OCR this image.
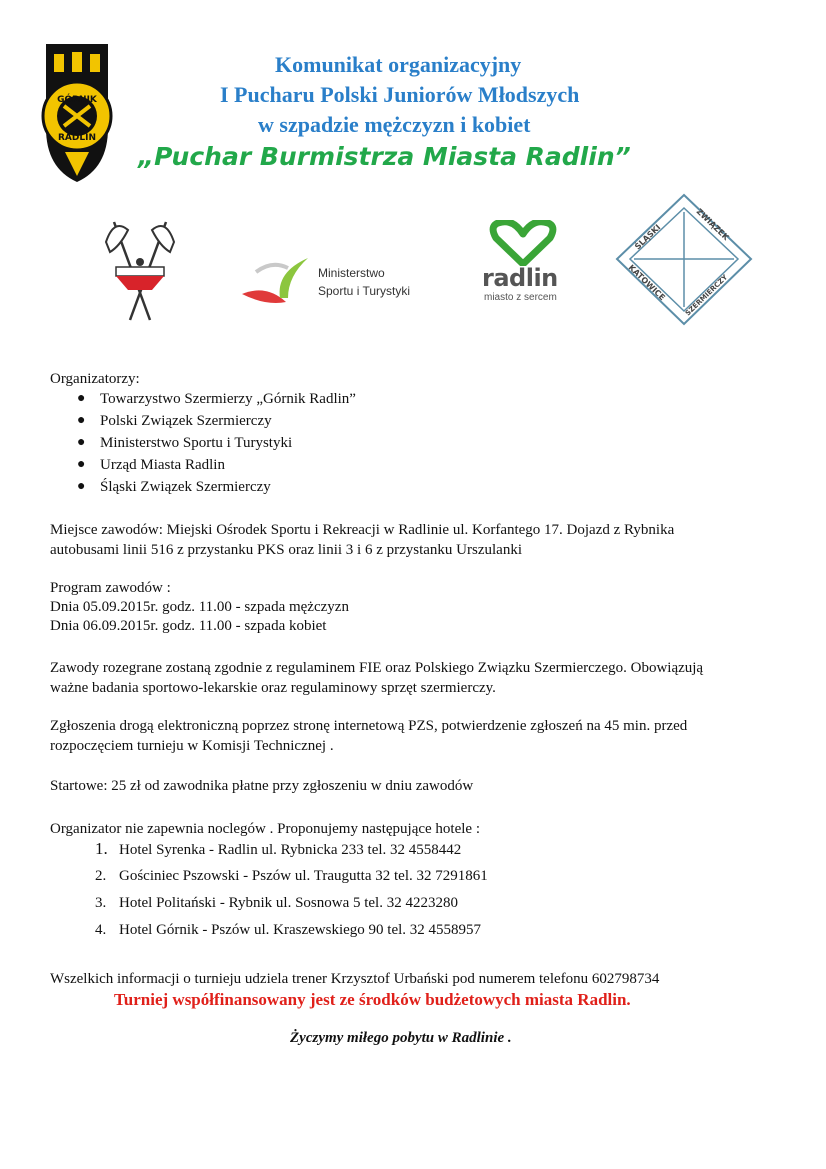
GÓRNIK
RADLIN
Komunikat organizacyjny
I Pucharu Polski Juniorów Młodszych
w szpadzie mężczyzn i kobiet
„Puchar Burmistrza Miasta Radlin”
Ministerstwo
Sportu i Turystyki	radlin
miasto z sercem
ŚLĄSKI	ZWIĄZEK
KATOWICE SZERMIERCZY
Organizatorzy:
● Towarzystwo Szermierzy „Górnik Radlin”
● Polski Związek Szermierczy
● Ministerstwo Sportu i Turystyki
● Urząd Miasta Radlin
● Śląski Związek Szermierczy
Miejsce zawodów: Miejski Ośrodek Sportu i Rekreacji w Radlinie ul. Korfantego 17. Dojazd z Rybnika
autobusami linii 516 z przystanku PKS oraz linii 3 i 6 z przystanku Urszulanki
Program zawodów :
Dnia 05.09.2015r. godz. 11.00 - szpada mężczyzn
Dnia 06.09.2015r. godz. 11.00 - szpada kobiet
Zawody rozegrane zostaną zgodnie z regulaminem FIE oraz Polskiego Związku Szermierczego. Obowiązują
ważne badania sportowo-lekarskie oraz regulaminowy sprzęt szermierczy.
Zgłoszenia drogą elektroniczną poprzez stronę internetową PZS, potwierdzenie zgłoszeń na 45 min. przed
rozpoczęciem turnieju w Komisji Technicznej .
Startowe: 25 zł od zawodnika płatne przy zgłoszeniu w dniu zawodów
Organizator nie zapewnia noclegów . Proponujemy następujące hotele :
1. Hotel Syrenka - Radlin ul. Rybnicka 233 tel. 32 4558442
2. Gościniec Pszowski - Pszów ul. Traugutta 32 tel. 32 7291861
3. Hotel Politański - Rybnik ul. Sosnowa 5 tel. 32 4223280
4. Hotel Górnik - Pszów ul. Kraszewskiego 90 tel. 32 4558957
Wszelkich informacji o turnieju udziela trener Krzysztof Urbański pod numerem telefonu 602798734
Turniej współfinansowany jest ze środków budżetowych miasta Radlin.
Życzymy miłego pobytu w Radlinie .
